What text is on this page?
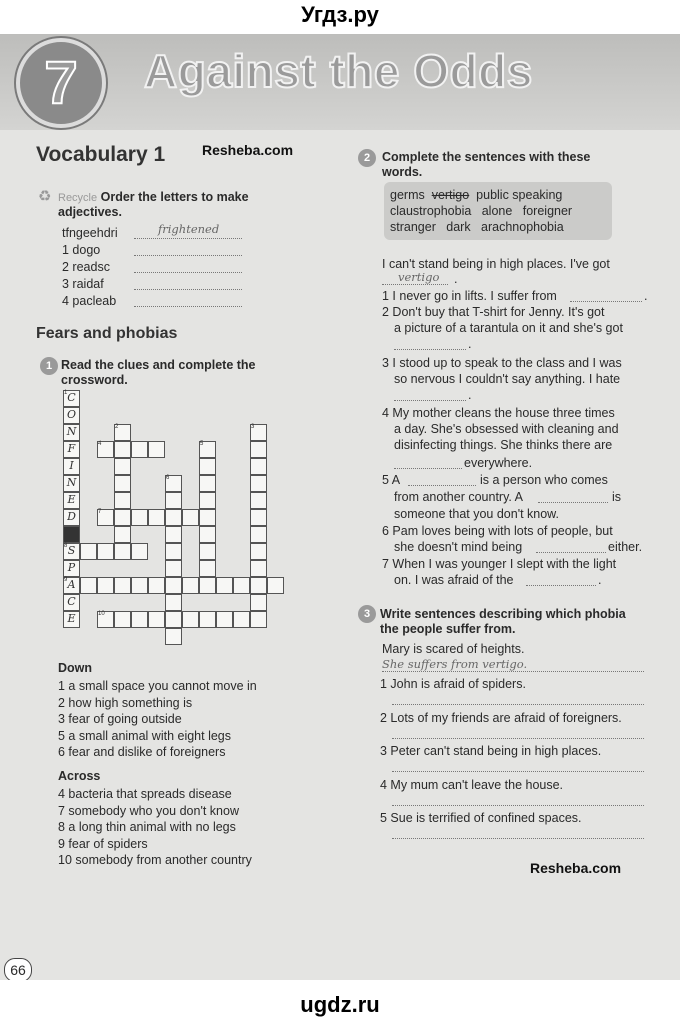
Угдз.ру
7	Against the Odds
Vocabulary 1	Resheba.com
♻ Recycle Order the letters to make
adjectives.
tfngeehdri	frightened
1 dogo
2 readsc
3 raidaf
4 pacleab
Fears and phobias
1 Read the clues and complete the
crossword.
C
O
N
F
I
N
E
D
S
P
A
C
E
1
2	3
4	5
6
7
8
9
10
Down
1 a small space you cannot move in
2 how high something is
3 fear of going outside
5 a small animal with eight legs
6 fear and dislike of foreigners
Across
4 bacteria that spreads disease
7 somebody who you don't know
8 a long thin animal with no legs
9 fear of spiders
10 somebody from another country
66
2 Complete the sentences with these
words.
germs vertigo public speaking
claustrophobia alone foreigner
stranger dark arachnophobia
I can't stand being in high places. I've got
vertigo .
1 I never go in lifts. I suffer from	.
2 Don't buy that T-shirt for Jenny. It's got
a picture of a tarantula on it and she's got
.
3 I stood up to speak to the class and I was
so nervous I couldn't say anything. I hate
.
4 My mother cleans the house three times
a day. She's obsessed with cleaning and
disinfecting things. She thinks there are
everywhere.
5 A	is a person who comes
from another country. A	is
someone that you don't know.
6 Pam loves being with lots of people, but
she doesn't mind being	either.
7 When I was younger I slept with the light
on. I was afraid of the	.
3 Write sentences describing which phobia
the people suffer from.
Mary is scared of heights.
She suffers from vertigo.
1 John is afraid of spiders.
2 Lots of my friends are afraid of foreigners.
3 Peter can't stand being in high places.
4 My mum can't leave the house.
5 Sue is terrified of confined spaces.
Resheba.com
ugdz.ru
